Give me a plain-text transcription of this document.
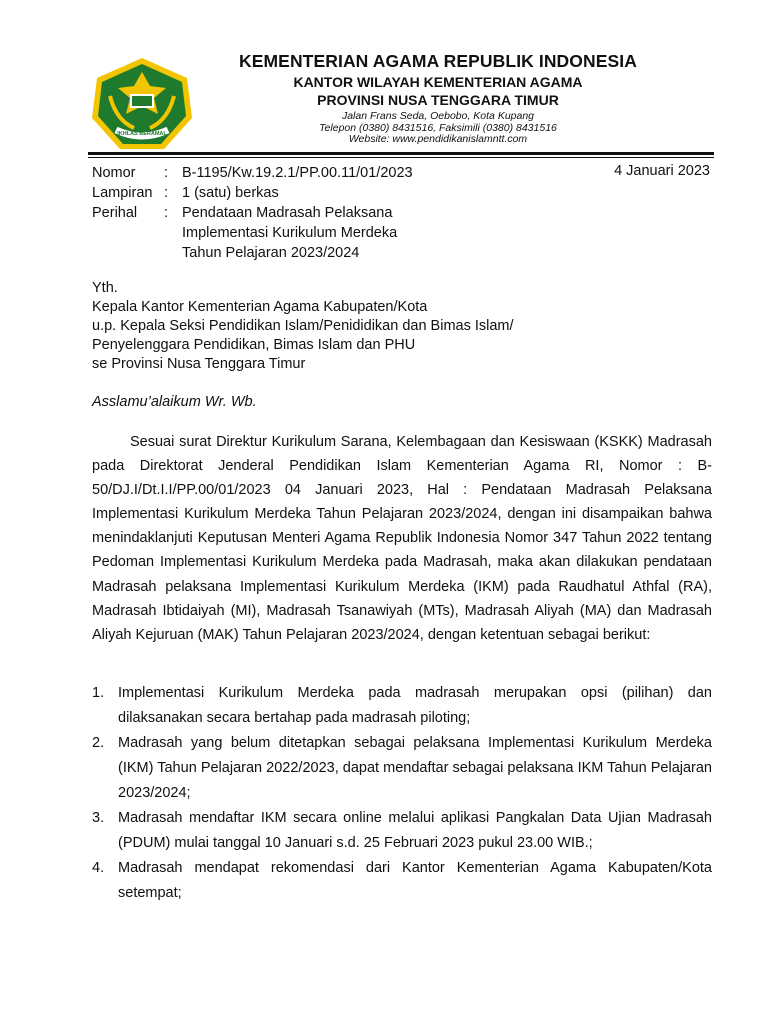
IKHLAS BERAMAL
KEMENTERIAN AGAMA REPUBLIK INDONESIA
KANTOR WILAYAH KEMENTERIAN AGAMA
PROVINSI NUSA TENGGARA TIMUR
Jalan Frans Seda, Oebobo, Kota Kupang
Telepon (0380) 8431516, Faksimili (0380) 8431516
Website: www.pendidikanislamntt.com
Nomor : B-1195/Kw.19.2.1/PP.00.11/01/2023	4 Januari 2023
Lampiran : 1 (satu) berkas
Perihal : Pendataan Madrasah Pelaksana
Implementasi Kurikulum Merdeka
Tahun Pelajaran 2023/2024
Yth.
Kepala Kantor Kementerian Agama Kabupaten/Kota
u.p. Kepala Seksi Pendidikan Islam/Penididikan dan Bimas Islam/
Penyelenggara Pendidikan, Bimas Islam dan PHU
se Provinsi Nusa Tenggara Timur
Asslamu’alaikum Wr. Wb.
Sesuai surat Direktur Kurikulum Sarana, Kelembagaan dan Kesiswaan (KSKK) Madrasah pada Direktorat Jenderal Pendidikan Islam Kementerian Agama RI, Nomor : B-50/DJ.I/Dt.I.I/PP.00/01/2023 04 Januari 2023, Hal : Pendataan Madrasah Pelaksana Implementasi Kurikulum Merdeka Tahun Pelajaran 2023/2024, dengan ini disampaikan bahwa menindaklanjuti Keputusan Menteri Agama Republik Indonesia Nomor 347 Tahun 2022 tentang Pedoman Implementasi Kurikulum Merdeka pada Madrasah, maka akan dilakukan pendataan Madrasah pelaksana Implementasi Kurikulum Merdeka (IKM) pada Raudhatul Athfal (RA), Madrasah Ibtidaiyah (MI), Madrasah Tsanawiyah (MTs), Madrasah Aliyah (MA) dan Madrasah Aliyah Kejuruan (MAK) Tahun Pelajaran 2023/2024, dengan ketentuan sebagai berikut:
1. Implementasi Kurikulum Merdeka pada madrasah merupakan opsi (pilihan) dan dilaksanakan secara bertahap pada madrasah piloting;
2. Madrasah yang belum ditetapkan sebagai pelaksana Implementasi Kurikulum Merdeka (IKM) Tahun Pelajaran 2022/2023, dapat mendaftar sebagai pelaksana IKM Tahun Pelajaran 2023/2024;
3. Madrasah mendaftar IKM secara online melalui aplikasi Pangkalan Data Ujian Madrasah (PDUM) mulai tanggal 10 Januari s.d. 25 Februari 2023 pukul 23.00 WIB.;
4. Madrasah mendapat rekomendasi dari Kantor Kementerian Agama Kabupaten/Kota setempat;
